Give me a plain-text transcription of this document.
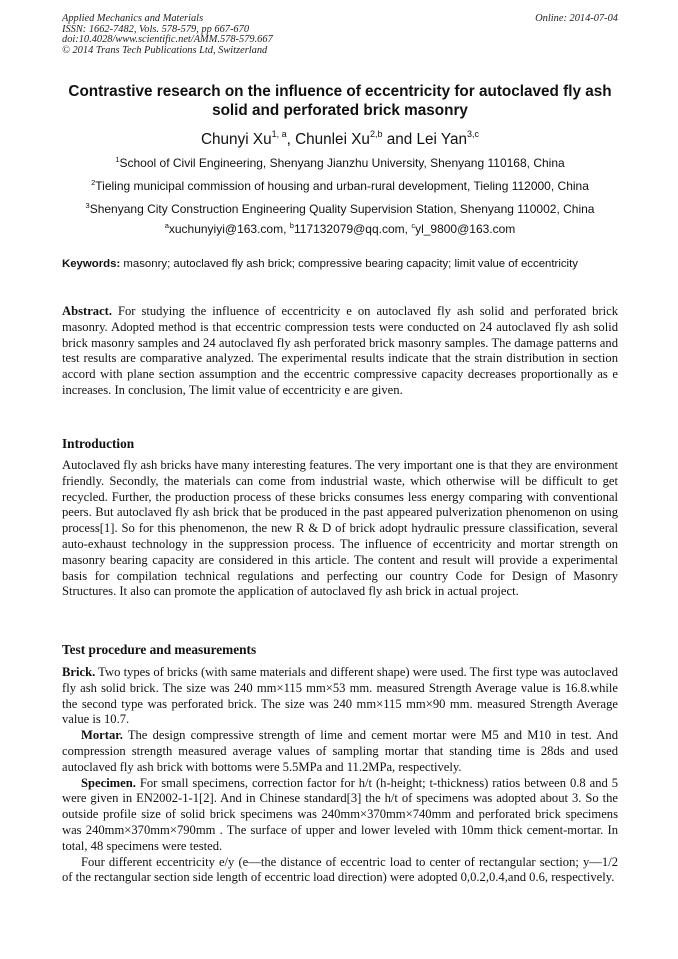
Applied Mechanics and Materials
ISSN: 1662-7482, Vols. 578-579, pp 667-670
doi:10.4028/www.scientific.net/AMM.578-579.667
© 2014 Trans Tech Publications Ltd, Switzerland
Online: 2014-07-04
Contrastive research on the influence of eccentricity for autoclaved fly ash solid and perforated brick masonry
Chunyi Xu$^{1, a}$, Chunlei Xu$^{2,b}$ and Lei Yan$^{3,c}$
$^1$School of Civil Engineering, Shenyang Jianzhu University, Shenyang 110168, China
$^2$Tieling municipal commission of housing and urban-rural development, Tieling 112000, China
$^3$Shenyang City Construction Engineering Quality Supervision Station, Shenyang 110002, China
$^a$xuchunyiyi@163.com, $^b$117132079@qq.com, $^c$yl_9800@163.com
Keywords: masonry; autoclaved fly ash brick; compressive bearing capacity; limit value of eccentricity
Abstract. For studying the influence of eccentricity e on autoclaved fly ash solid and perforated brick masonry. Adopted method is that eccentric compression tests were conducted on 24 autoclaved fly ash solid brick masonry samples and 24 autoclaved fly ash perforated brick masonry samples. The damage patterns and test results are comparative analyzed. The experimental results indicate that the strain distribution in section accord with plane section assumption and the eccentric compressive capacity decreases proportionally as e increases. In conclusion, The limit value of eccentricity e are given.
Introduction
Autoclaved fly ash bricks have many interesting features. The very important one is that they are environment friendly. Secondly, the materials can come from industrial waste, which otherwise will be difficult to get recycled. Further, the production process of these bricks consumes less energy comparing with conventional peers. But autoclaved fly ash brick that be produced in the past appeared pulverization phenomenon on using process[1]. So for this phenomenon, the new R & D of brick adopt hydraulic pressure classification, several auto-exhaust technology in the suppression process. The influence of eccentricity and mortar strength on masonry bearing capacity are considered in this article. The content and result will provide a experimental basis for compilation technical regulations and perfecting our country Code for Design of Masonry Structures. It also can promote the application of autoclaved fly ash brick in actual project.
Test procedure and measurements

Brick. Two types of bricks (with same materials and different shape) were used. The first type was autoclaved fly ash solid brick. The size was 240 mm×115 mm×53 mm. measured Strength Average value is 16.8.while the second type was perforated brick. The size was 240 mm×115 mm×90 mm. measured Strength Average value is 10.7.

Mortar. The design compressive strength of lime and cement mortar were M5 and M10 in test. And compression strength measured average values of sampling mortar that standing time is 28ds and used autoclaved fly ash brick with bottoms were 5.5MPa and 11.2MPa, respectively.

Specimen. For small specimens, correction factor for h/t (h-height; t-thickness) ratios between 0.8 and 5 were given in EN2002-1-1[2]. And in Chinese standard[3] the h/t of specimens was adopted about 3. So the outside profile size of solid brick specimens was 240mm×370mm×740mm and perforated brick specimens was 240mm×370mm×790mm . The surface of upper and lower leveled with 10mm thick cement-mortar. In total, 48 specimens were tested.

Four different eccentricity e/y (e—the distance of eccentric load to center of rectangular section; y—1/2 of the rectangular section side length of eccentric load direction) were adopted 0,0.2,0.4,and 0.6, respectively.
